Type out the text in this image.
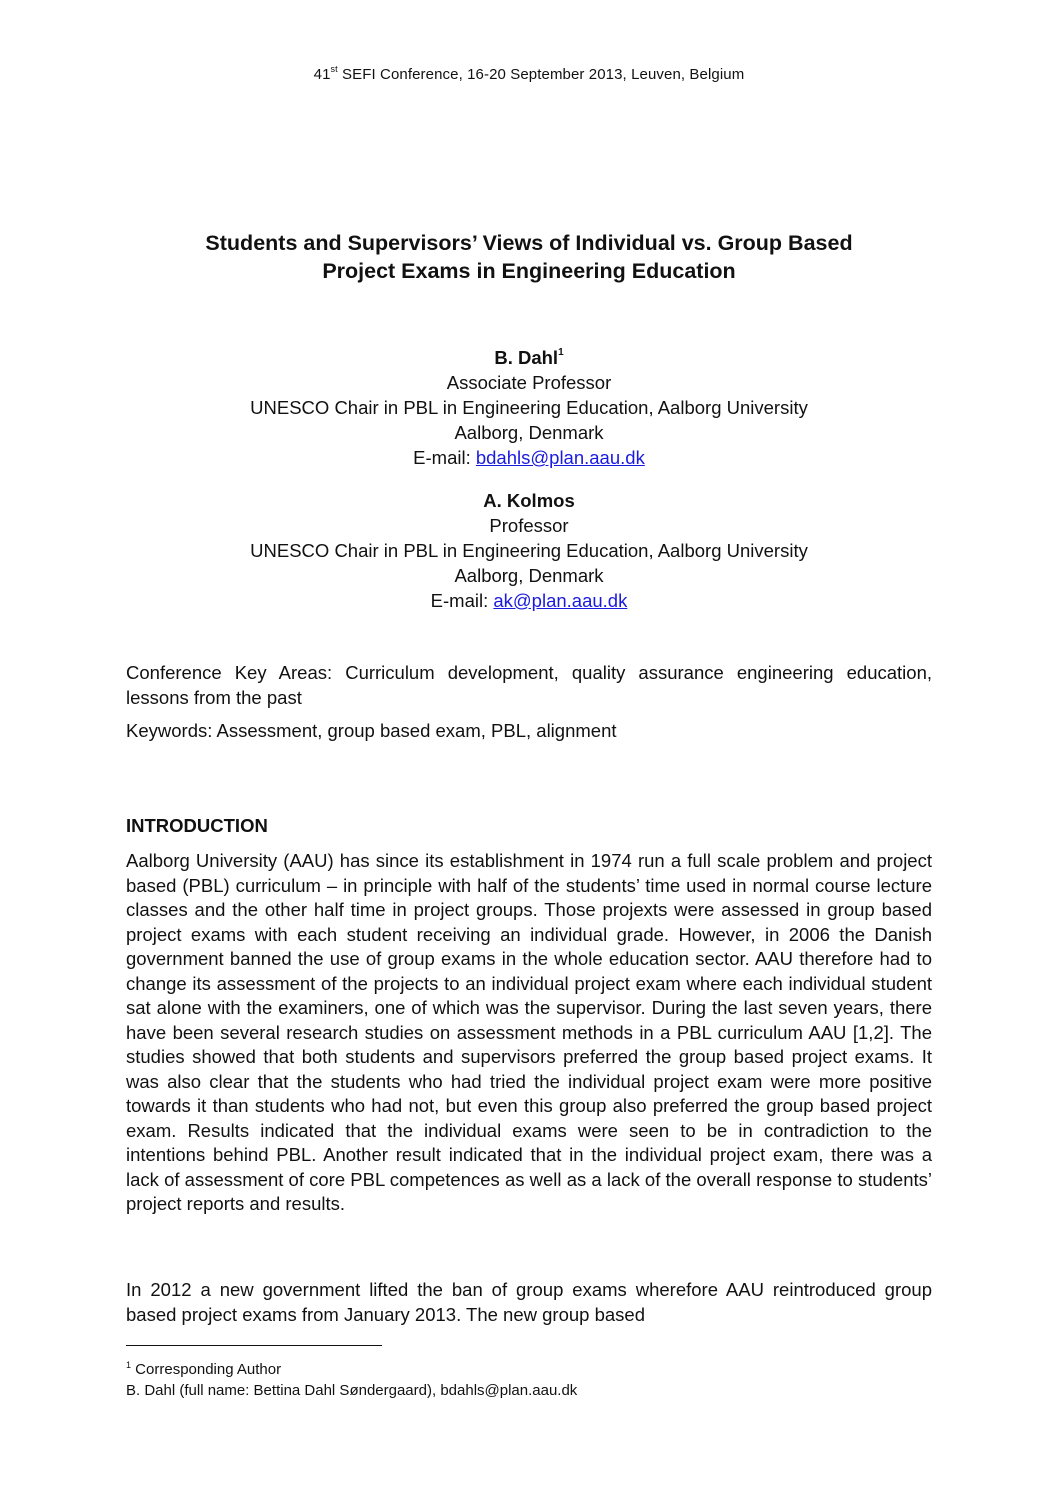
41st SEFI Conference, 16-20 September 2013, Leuven, Belgium
Students and Supervisors’ Views of Individual vs. Group Based
Project Exams in Engineering Education
B. Dahl$^1$
Associate Professor
UNESCO Chair in PBL in Engineering Education, Aalborg University
Aalborg, Denmark
E-mail: bdahls@plan.aau.dk
A. Kolmos
Professor
UNESCO Chair in PBL in Engineering Education, Aalborg University
Aalborg, Denmark
E-mail: ak@plan.aau.dk

Conference Key Areas: Curriculum development, quality assurance engineering education, lessons from the past

Keywords: Assessment, group based exam, PBL, alignment

INTRODUCTION

Aalborg University (AAU) has since its establishment in 1974 run a full scale problem and project based (PBL) curriculum – in principle with half of the students’ time used in normal course lecture classes and the other half time in project groups. Those projexts were assessed in group based project exams with each student receiving an individual grade. However, in 2006 the Danish government banned the use of group exams in the whole education sector. AAU therefore had to change its assessment of the projects to an individual project exam where each individual student sat alone with the examiners, one of which was the supervisor. During the last seven years, there have been several research studies on assessment methods in a PBL curriculum AAU [1,2]. The studies showed that both students and supervisors preferred the group based project exams. It was also clear that the students who had tried the individual project exam were more positive towards it than students who had not, but even this group also preferred the group based project exam. Results indicated that the individual exams were seen to be in contradiction to the intentions behind PBL. Another result indicated that in the individual project exam, there was a lack of assessment of core PBL competences as well as a lack of the overall response to students’ project reports and results.

In 2012 a new government lifted the ban of group exams wherefore AAU reintroduced group based project exams from January 2013. The new group based

$^1$ Corresponding Author
B. Dahl (full name: Bettina Dahl Søndergaard), bdahls@plan.aau.dk
